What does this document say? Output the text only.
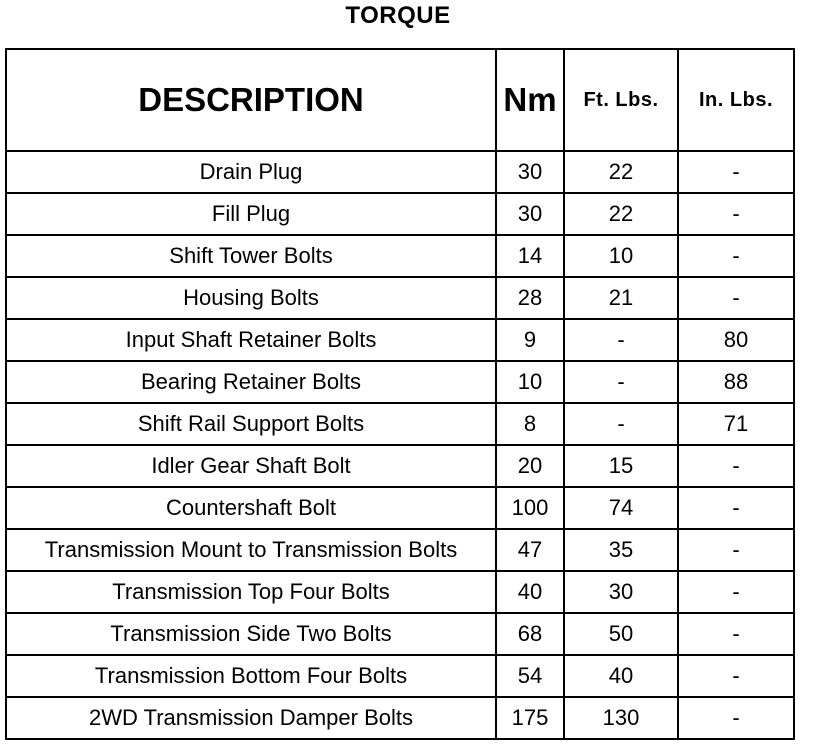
TORQUE
DESCRIPTION	Nm	Ft. Lbs.	In. Lbs.
Drain Plug	30	22	-
Fill Plug	30	22	-
Shift Tower Bolts	14	10	-
Housing Bolts	28	21	-
Input Shaft Retainer Bolts	9	-	80
Bearing Retainer Bolts	10	-	88
Shift Rail Support Bolts	8	-	71
Idler Gear Shaft Bolt	20	15	-
Countershaft Bolt	100	74	-
Transmission Mount to Transmission Bolts	47	35	-
Transmission Top Four Bolts	40	30	-
Transmission Side Two Bolts	68	50	-
Transmission Bottom Four Bolts	54	40	-
2WD Transmission Damper Bolts	175	130	-
